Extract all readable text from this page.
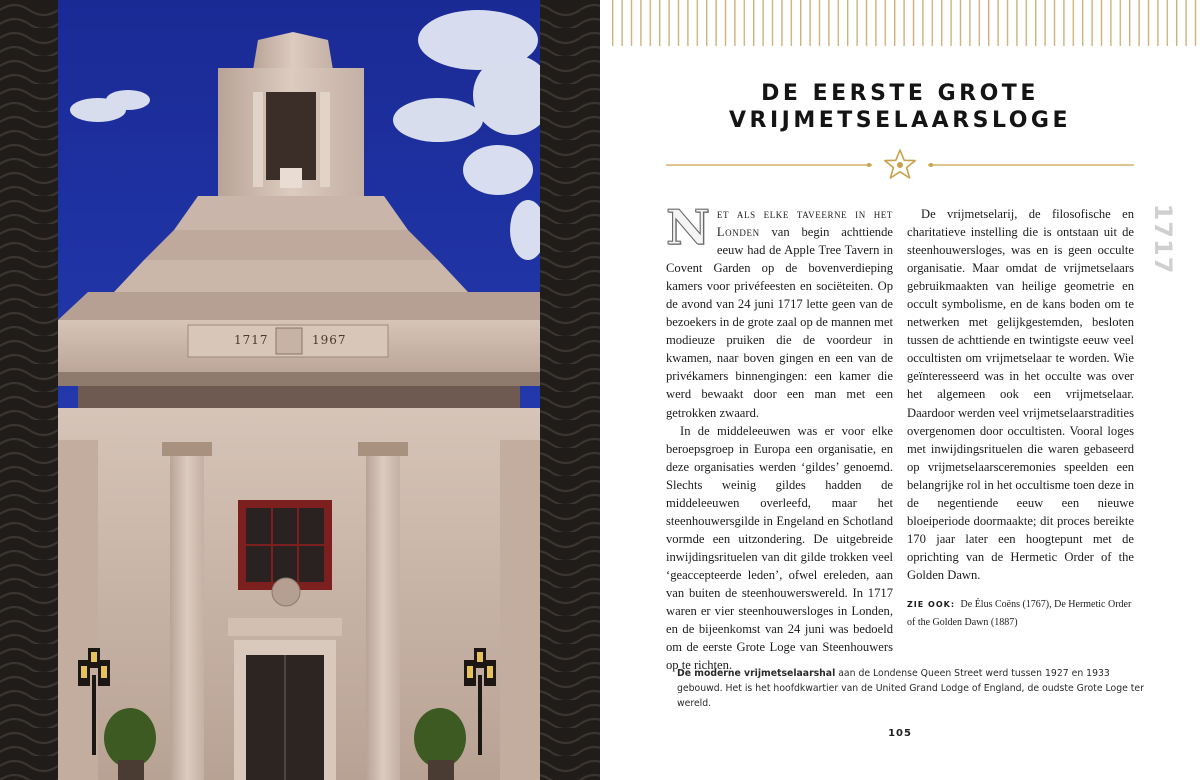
1717	1967
DE EERSTE GROTE
VRIJMETSELAARSLOGE
1717

Net als elke taveerne in het Londen van begin achttiende eeuw had de Apple Tree Tavern in Covent Garden op de bovenverdieping kamers voor privéfeesten en sociëteiten. Op de avond van 24 juni 1717 lette geen van de bezoekers in de grote zaal op de mannen met modieuze pruiken die de voordeur in kwamen, naar boven gingen en een van de privékamers binnengingen: een kamer die werd bewaakt door een man met een getrokken zwaard.

In de middeleeuwen was er voor elke beroepsgroep in Europa een organisatie, en deze organisaties werden ‘gildes’ genoemd. Slechts weinig gildes hadden de middeleeuwen overleefd, maar het steenhouwersgilde in Engeland en Schotland vormde een uitzondering. De uitgebreide inwijdingsrituelen van dit gilde trokken veel ‘geaccepteerde leden’, ofwel ereleden, aan van buiten de steenhouwerswereld. In 1717 waren er vier steenhouwersloges in Londen, en de bijeenkomst van 24 juni was bedoeld om de eerste Grote Loge van Steenhouwers op te richten.

De vrijmetselarij, de filosofische en charitatieve instelling die is ontstaan uit de steenhouwersloges, was en is geen occulte organisatie. Maar omdat de vrijmetselaars gebruikmaakten van heilige geometrie en occult symbolisme, en de kans boden om te netwerken met gelijkgestemden, besloten tussen de achttiende en twintigste eeuw veel occultisten om vrijmetselaar te worden. Wie geïnteresseerd was in het occulte was over het algemeen ook een vrijmetselaar. Daardoor werden veel vrijmetselaarstradities overgenomen door occultisten. Vooral loges met inwijdingsrituelen die waren gebaseerd op vrijmetselaarsceremonies speelden een belangrijke rol in het occultisme toen deze in de negentiende eeuw een nieuwe bloeiperiode doormaakte; dit proces bereikte 170 jaar later een hoogtepunt met de oprichting van de Hermetic Order of the Golden Dawn.

ZIE OOK: De Élus Coëns (1767), De Hermetic Order of the Golden Dawn (1887)

De moderne vrijmetselaarshal aan de Londense Queen Street werd tussen 1927 en 1933 gebouwd. Het is het hoofdkwartier van de United Grand Lodge of England, de oudste Grote Loge ter wereld.

105
